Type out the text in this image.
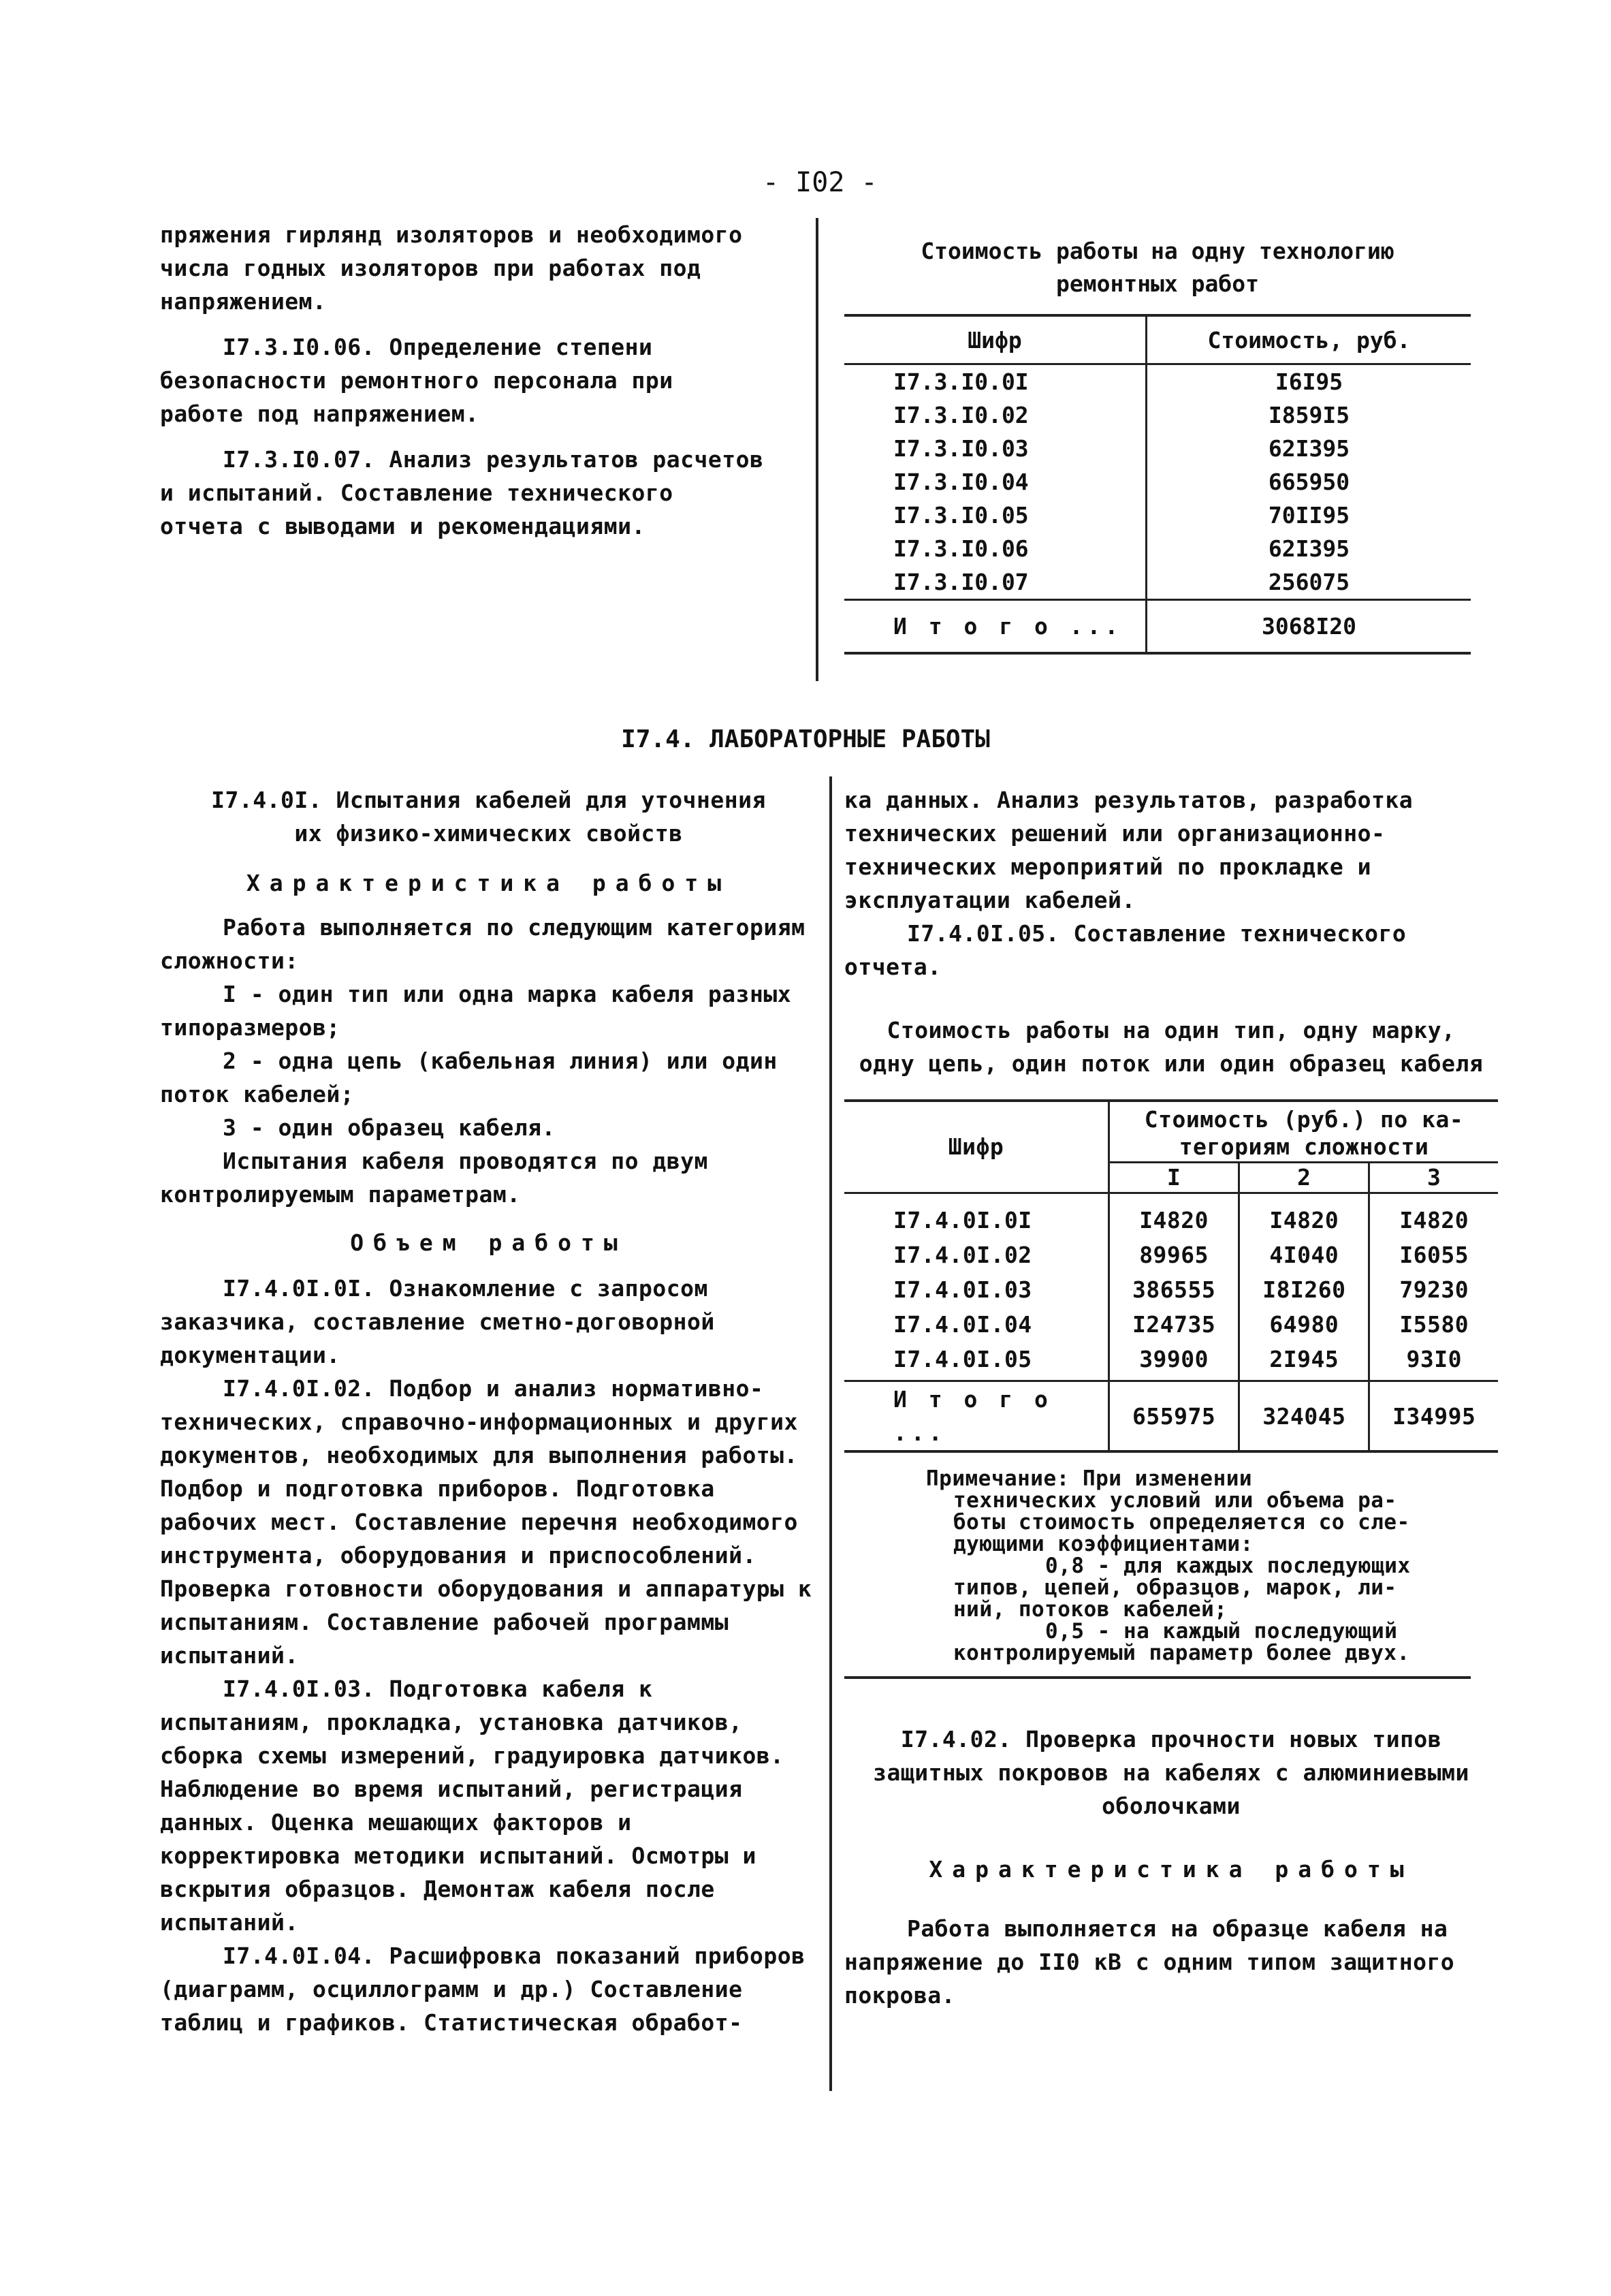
- I02 -

пряжения гирлянд изоляторов и необходимого числа годных изоляторов при работах под напряжением.

I7.3.I0.06. Определение степени безопасности ремонтного персонала при работе под напряжением.

I7.3.I0.07. Анализ результатов расчетов и испытаний. Составление технического отчета с выводами и рекомендациями.

Стоимость работы на одну технологию
ремонтных работ
Шифр	Стоимость, руб.
I7.3.I0.0I	I6I95
I7.3.I0.02	I859I5
I7.3.I0.03	62I395
I7.3.I0.04	665950
I7.3.I0.05	70II95
I7.3.I0.06	62I395
I7.3.I0.07	256075
И т о г о ...	3068I20
I7.4. ЛАБОРАТОРНЫЕ РАБОТЫ
I7.4.0I. Испытания кабелей для уточнения
их физико-химических свойств
Характеристика работы

Работа выполняется по следующим категориям сложности:

I - один тип или одна марка кабеля разных типоразмеров;

2 - одна цепь (кабельная линия) или один поток кабелей;

3 - один образец кабеля.

Испытания кабеля проводятся по двум контролируемым параметрам.

Объем работы

I7.4.0I.0I. Ознакомление с запросом заказчика, составление сметно-договорной документации.

I7.4.0I.02. Подбор и анализ нормативно-технических, справочно-информационных и других документов, необходимых для выполнения работы. Подбор и подготовка приборов. Подготовка рабочих мест. Составление перечня необходимого инструмента, оборудования и приспособлений. Проверка готовности оборудования и аппаратуры к испытаниям. Составление рабочей программы испытаний.

I7.4.0I.03. Подготовка кабеля к испытаниям, прокладка, установка датчиков, сборка схемы измерений, градуировка датчиков. Наблюдение во время испытаний, регистрация данных. Оценка мешающих факторов и корректировка методики испытаний. Осмотры и вскрытия образцов. Демонтаж кабеля после испытаний.

I7.4.0I.04. Расшифровка показаний приборов (диаграмм, осциллограмм и др.) Составление таблиц и графиков. Статистическая обработ-

ка данных. Анализ результатов, разработка технических решений или организационно-технических мероприятий по прокладке и эксплуатации кабелей.

I7.4.0I.05. Составление технического отчета.

Стоимость работы на один тип, одну марку,
одну цепь, один поток или один образец кабеля
Шифр	Стоимость (руб.) по ка-
тегориям сложности		
	I	2	3
I7.4.0I.0I	I4820	I4820	I4820
I7.4.0I.02	89965	4I040	I6055
I7.4.0I.03	386555	I8I260	79230
I7.4.0I.04	I24735	64980	I5580
I7.4.0I.05	39900	2I945	93I0
И т о г о ...	655975	324045	I34995
Примечание: При изменении
технических условий или объема ра-
боты стоимость определяется со сле-
дующими коэффициентами:
0,8 - для каждых последующих
типов, цепей, образцов, марок, ли-
ний, потоков кабелей;
0,5 - на каждый последующий
контролируемый параметр более двух.
I7.4.02. Проверка прочности новых типов
защитных покровов на кабелях с алюминиевыми
оболочками
Характеристика работы

Работа выполняется на образце кабеля на напряжение до II0 кВ с одним типом защитного покрова.
